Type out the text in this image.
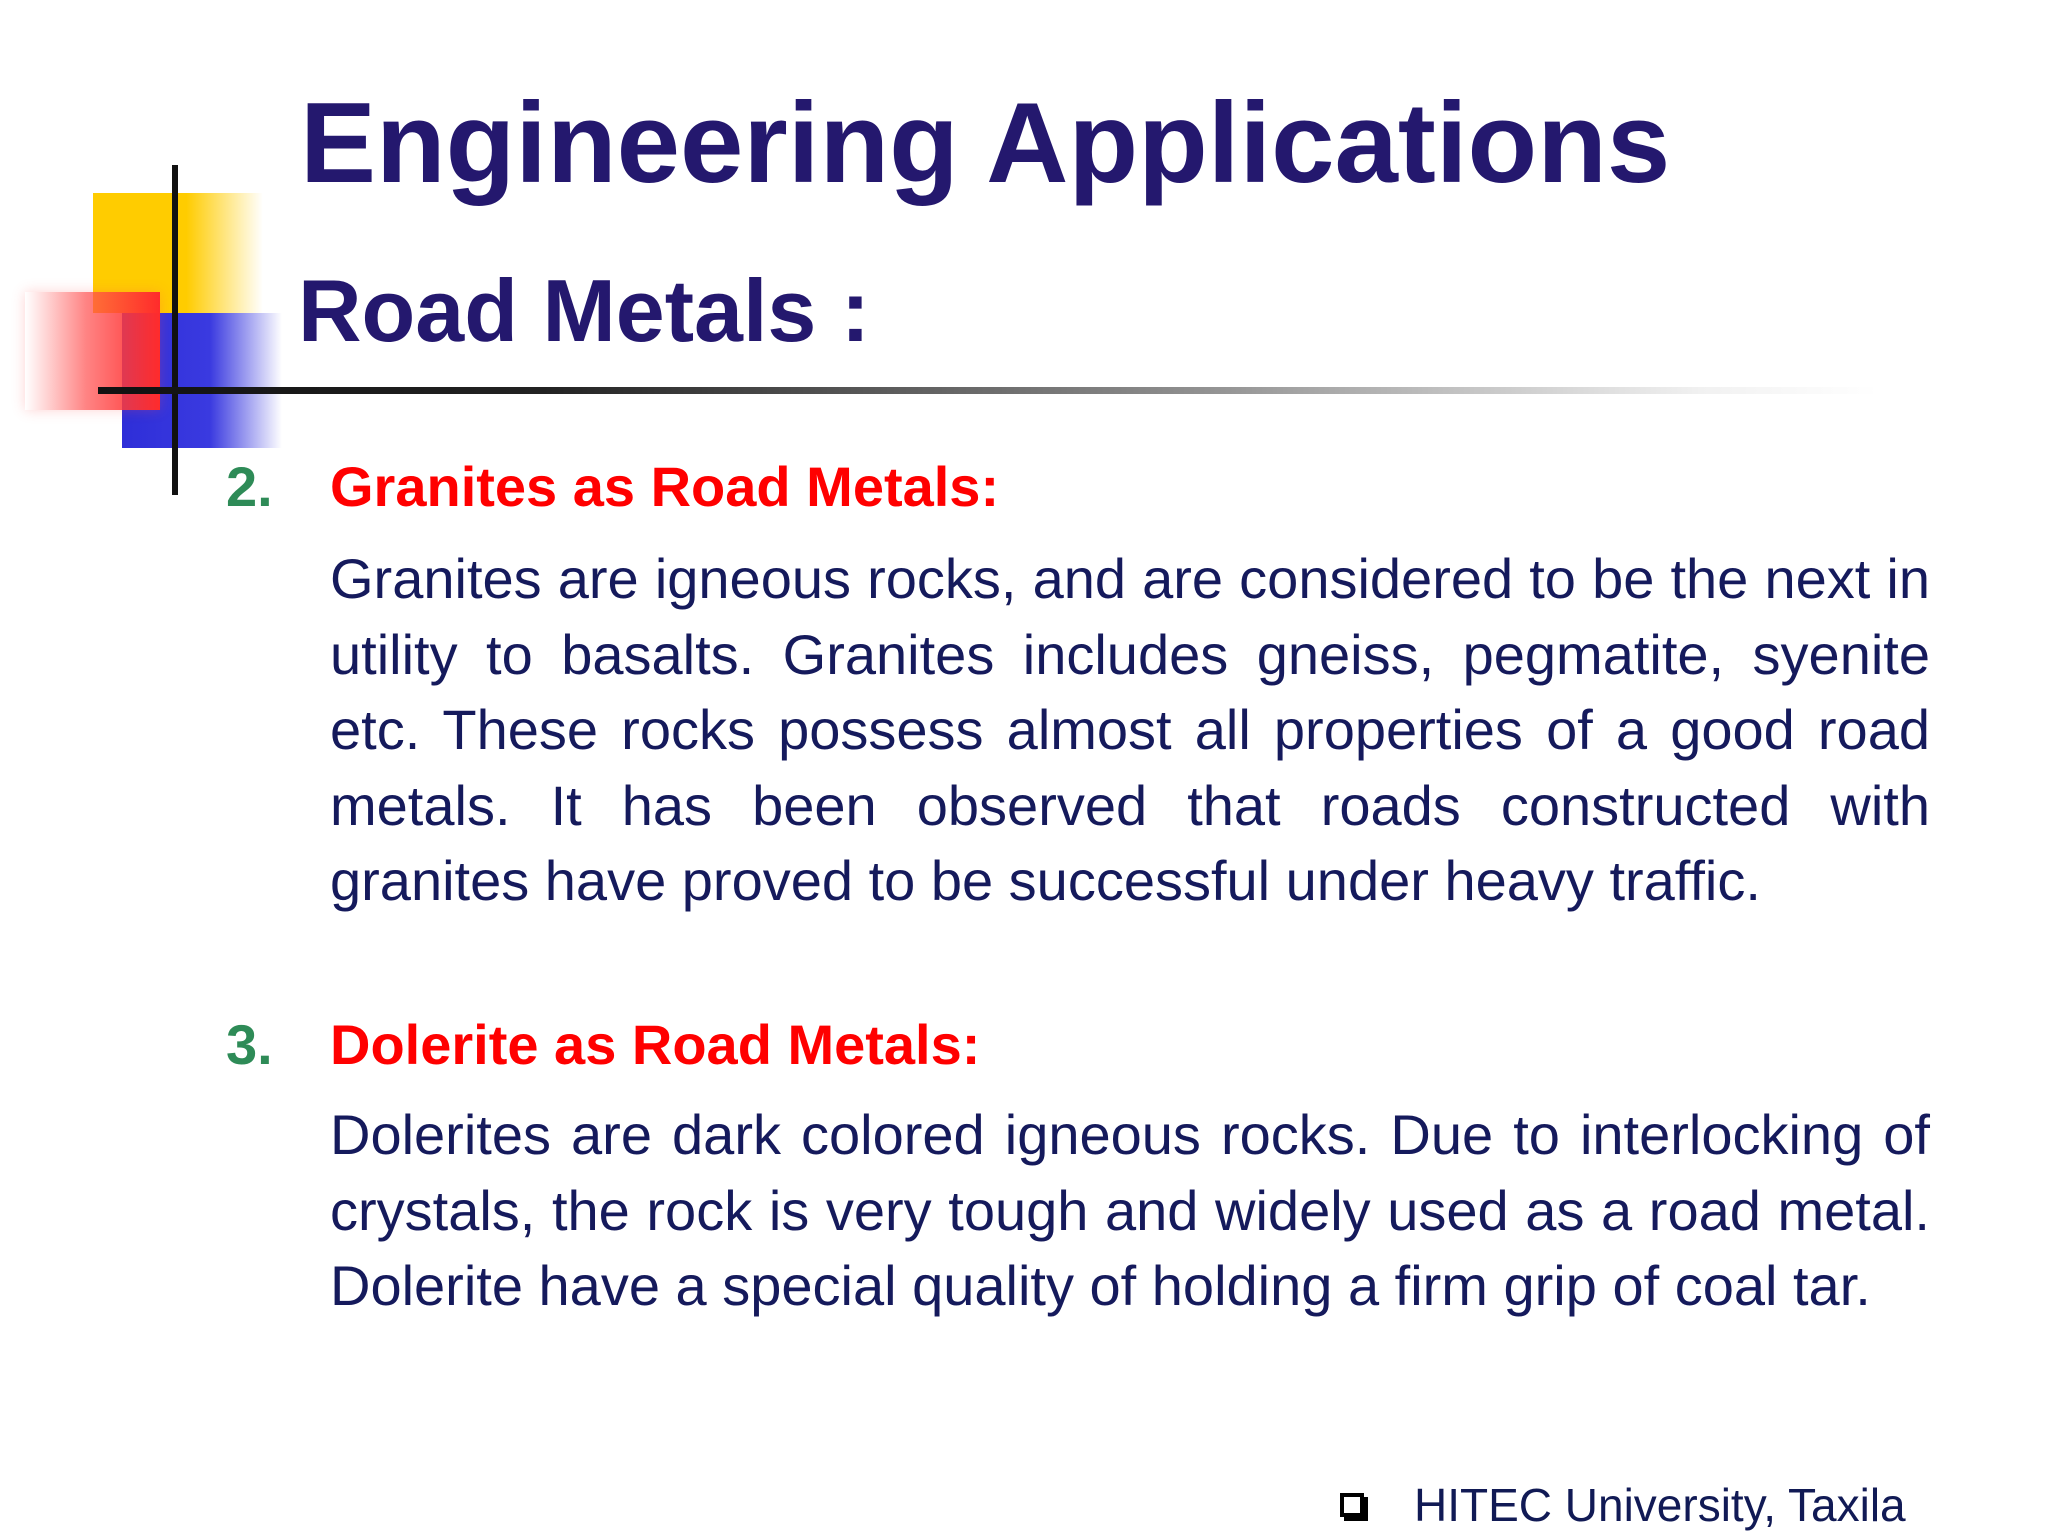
Engineering Applications
Road Metals :
2. Granites as Road Metals:

Granites are igneous rocks, and are considered to be the next in utility to basalts. Granites includes gneiss, pegmatite, syenite etc. These rocks possess almost all properties of a good road metals. It has been observed that roads constructed with granites have proved to be successful under heavy traffic.

3. Dolerite as Road Metals:

Dolerites are dark colored igneous rocks. Due to interlocking of crystals, the rock is very tough and widely used as a road metal. Dolerite have a special quality of holding a firm grip of coal tar.

HITEC University, Taxila
